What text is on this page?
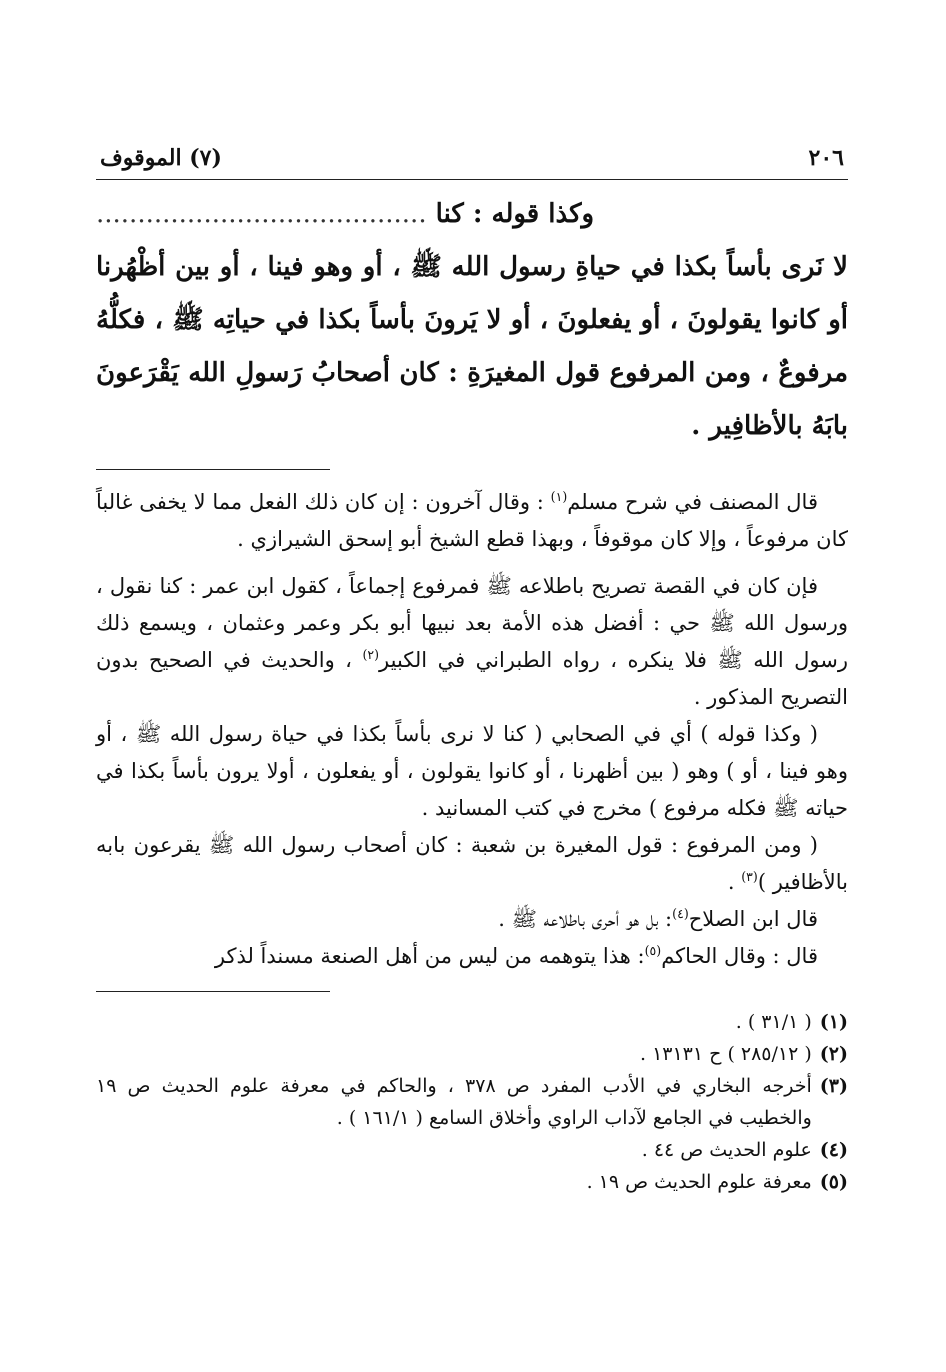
٢٠٦
(٧) الموقوف
وكذا قوله : كنا ........................................
لا نَرى بأساً بكذا في حياةِ رسول الله ﷺ ، أو وهو فينا ، أو بين أظْهُرنا أو كانوا يقولونَ ، أو يفعلونَ ، أو لا يَرونَ بأساً بكذا في حياتِه ﷺ ، فكلُّهُ مرفوعٌ ، ومن المرفوع قول المغيرَةِ : كان أصحابُ رَسولِ الله يَقْرَعونَ بابَهُ بالأظافِير .

قال المصنف في شرح مسلم$^{(١)}$ : وقال آخرون : إن كان ذلك الفعل مما لا يخفى غالباً كان مرفوعاً ، وإلا كان موقوفاً ، وبهذا قطع الشيخ أبو إسحق الشيرازي .

فإن كان في القصة تصريح باطلاعه ﷺ فمرفوع إجماعاً ، كقول ابن عمر : كنا نقول ، ورسول الله ﷺ حي : أفضل هذه الأمة بعد نبيها أبو بكر وعمر وعثمان ، ويسمع ذلك رسول الله ﷺ فلا ينكره ، رواه الطبراني في الكبير$^{(٢)}$ ، والحديث في الصحيح بدون التصريح المذكور .

( وكذا قوله ) أي في الصحابي ( كنا لا نرى بأساً بكذا في حياة رسول الله ﷺ ، أو وهو فينا ، أو ) وهو ( بين أظهرنا ، أو كانوا يقولون ، أو يفعلون ، أولا يرون بأساً بكذا في حياته ﷺ فكله مرفوع ) مخرج في كتب المسانيد .

( ومن المرفوع : قول المغيرة بن شعبة : كان أصحاب رسول الله ﷺ يقرعون بابه بالأظافير )$^{(٣)}$ .

قال ابن الصلاح$^{(٤)}$: بل هو أحرى باطلاعه ﷺ .

قال : وقال الحاكم$^{(٥)}$: هذا يتوهمه من ليس من أهل الصنعة مسنداً لذكر

(١)
( ٣١/١ ) .
(٢)
( ٢٨٥/١٢ ) ح ١٣١٣١ .
(٣)
أخرجه البخاري في الأدب المفرد ص ٣٧٨ ، والحاكم في معرفة علوم الحديث ص ١٩ والخطيب في الجامع لآداب الراوي وأخلاق السامع ( ١٦١/١ ) .
(٤)
علوم الحديث ص ٤٤ .
(٥)
معرفة علوم الحديث ص ١٩ .
